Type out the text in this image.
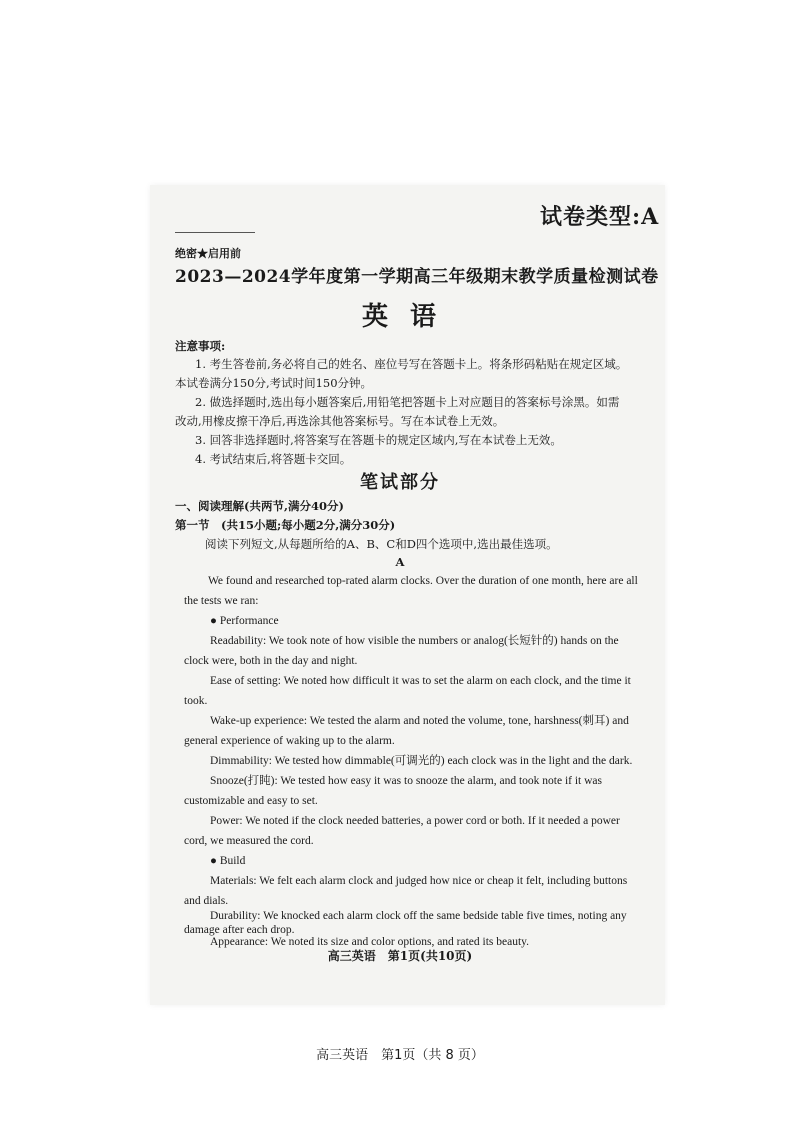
试卷类型:A
绝密★启用前
2023—2024学年度第一学期高三年级期末教学质量检测试卷
英语
注意事项:
1. 考生答卷前,务必将自己的姓名、座位号写在答题卡上。将条形码粘贴在规定区域。
本试卷满分150分,考试时间150分钟。
2. 做选择题时,选出每小题答案后,用铅笔把答题卡上对应题目的答案标号涂黑。如需
改动,用橡皮擦干净后,再选涂其他答案标号。写在本试卷上无效。
3. 回答非选择题时,将答案写在答题卡的规定区域内,写在本试卷上无效。
4. 考试结束后,将答题卡交回。
笔试部分
一、阅读理解(共两节,满分40分)
第一节　(共15小题;每小题2分,满分30分)
阅读下列短文,从每题所给的A、B、C和D四个选项中,选出最佳选项。
A
We found and researched top-rated alarm clocks. Over the duration of one month, here are all
the tests we ran:
● Performance
Readability: We took note of how visible the numbers or analog(长短针的) hands on the
clock were, both in the day and night.
Ease of setting: We noted how difficult it was to set the alarm on each clock, and the time it
took.
Wake-up experience: We tested the alarm and noted the volume, tone, harshness(刺耳) and
general experience of waking up to the alarm.
Dimmability: We tested how dimmable(可调光的) each clock was in the light and the dark.
Snooze(打盹): We tested how easy it was to snooze the alarm, and took note if it was
customizable and easy to set.
Power: We noted if the clock needed batteries, a power cord or both. If it needed a power
cord, we measured the cord.
● Build
Materials: We felt each alarm clock and judged how nice or cheap it felt, including buttons
and dials.
Durability: We knocked each alarm clock off the same bedside table five times, noting any
damage after each drop.
Appearance: We noted its size and color options, and rated its beauty.
高三英语　第1页(共10页)
高三英语　第1页（共 8 页）
